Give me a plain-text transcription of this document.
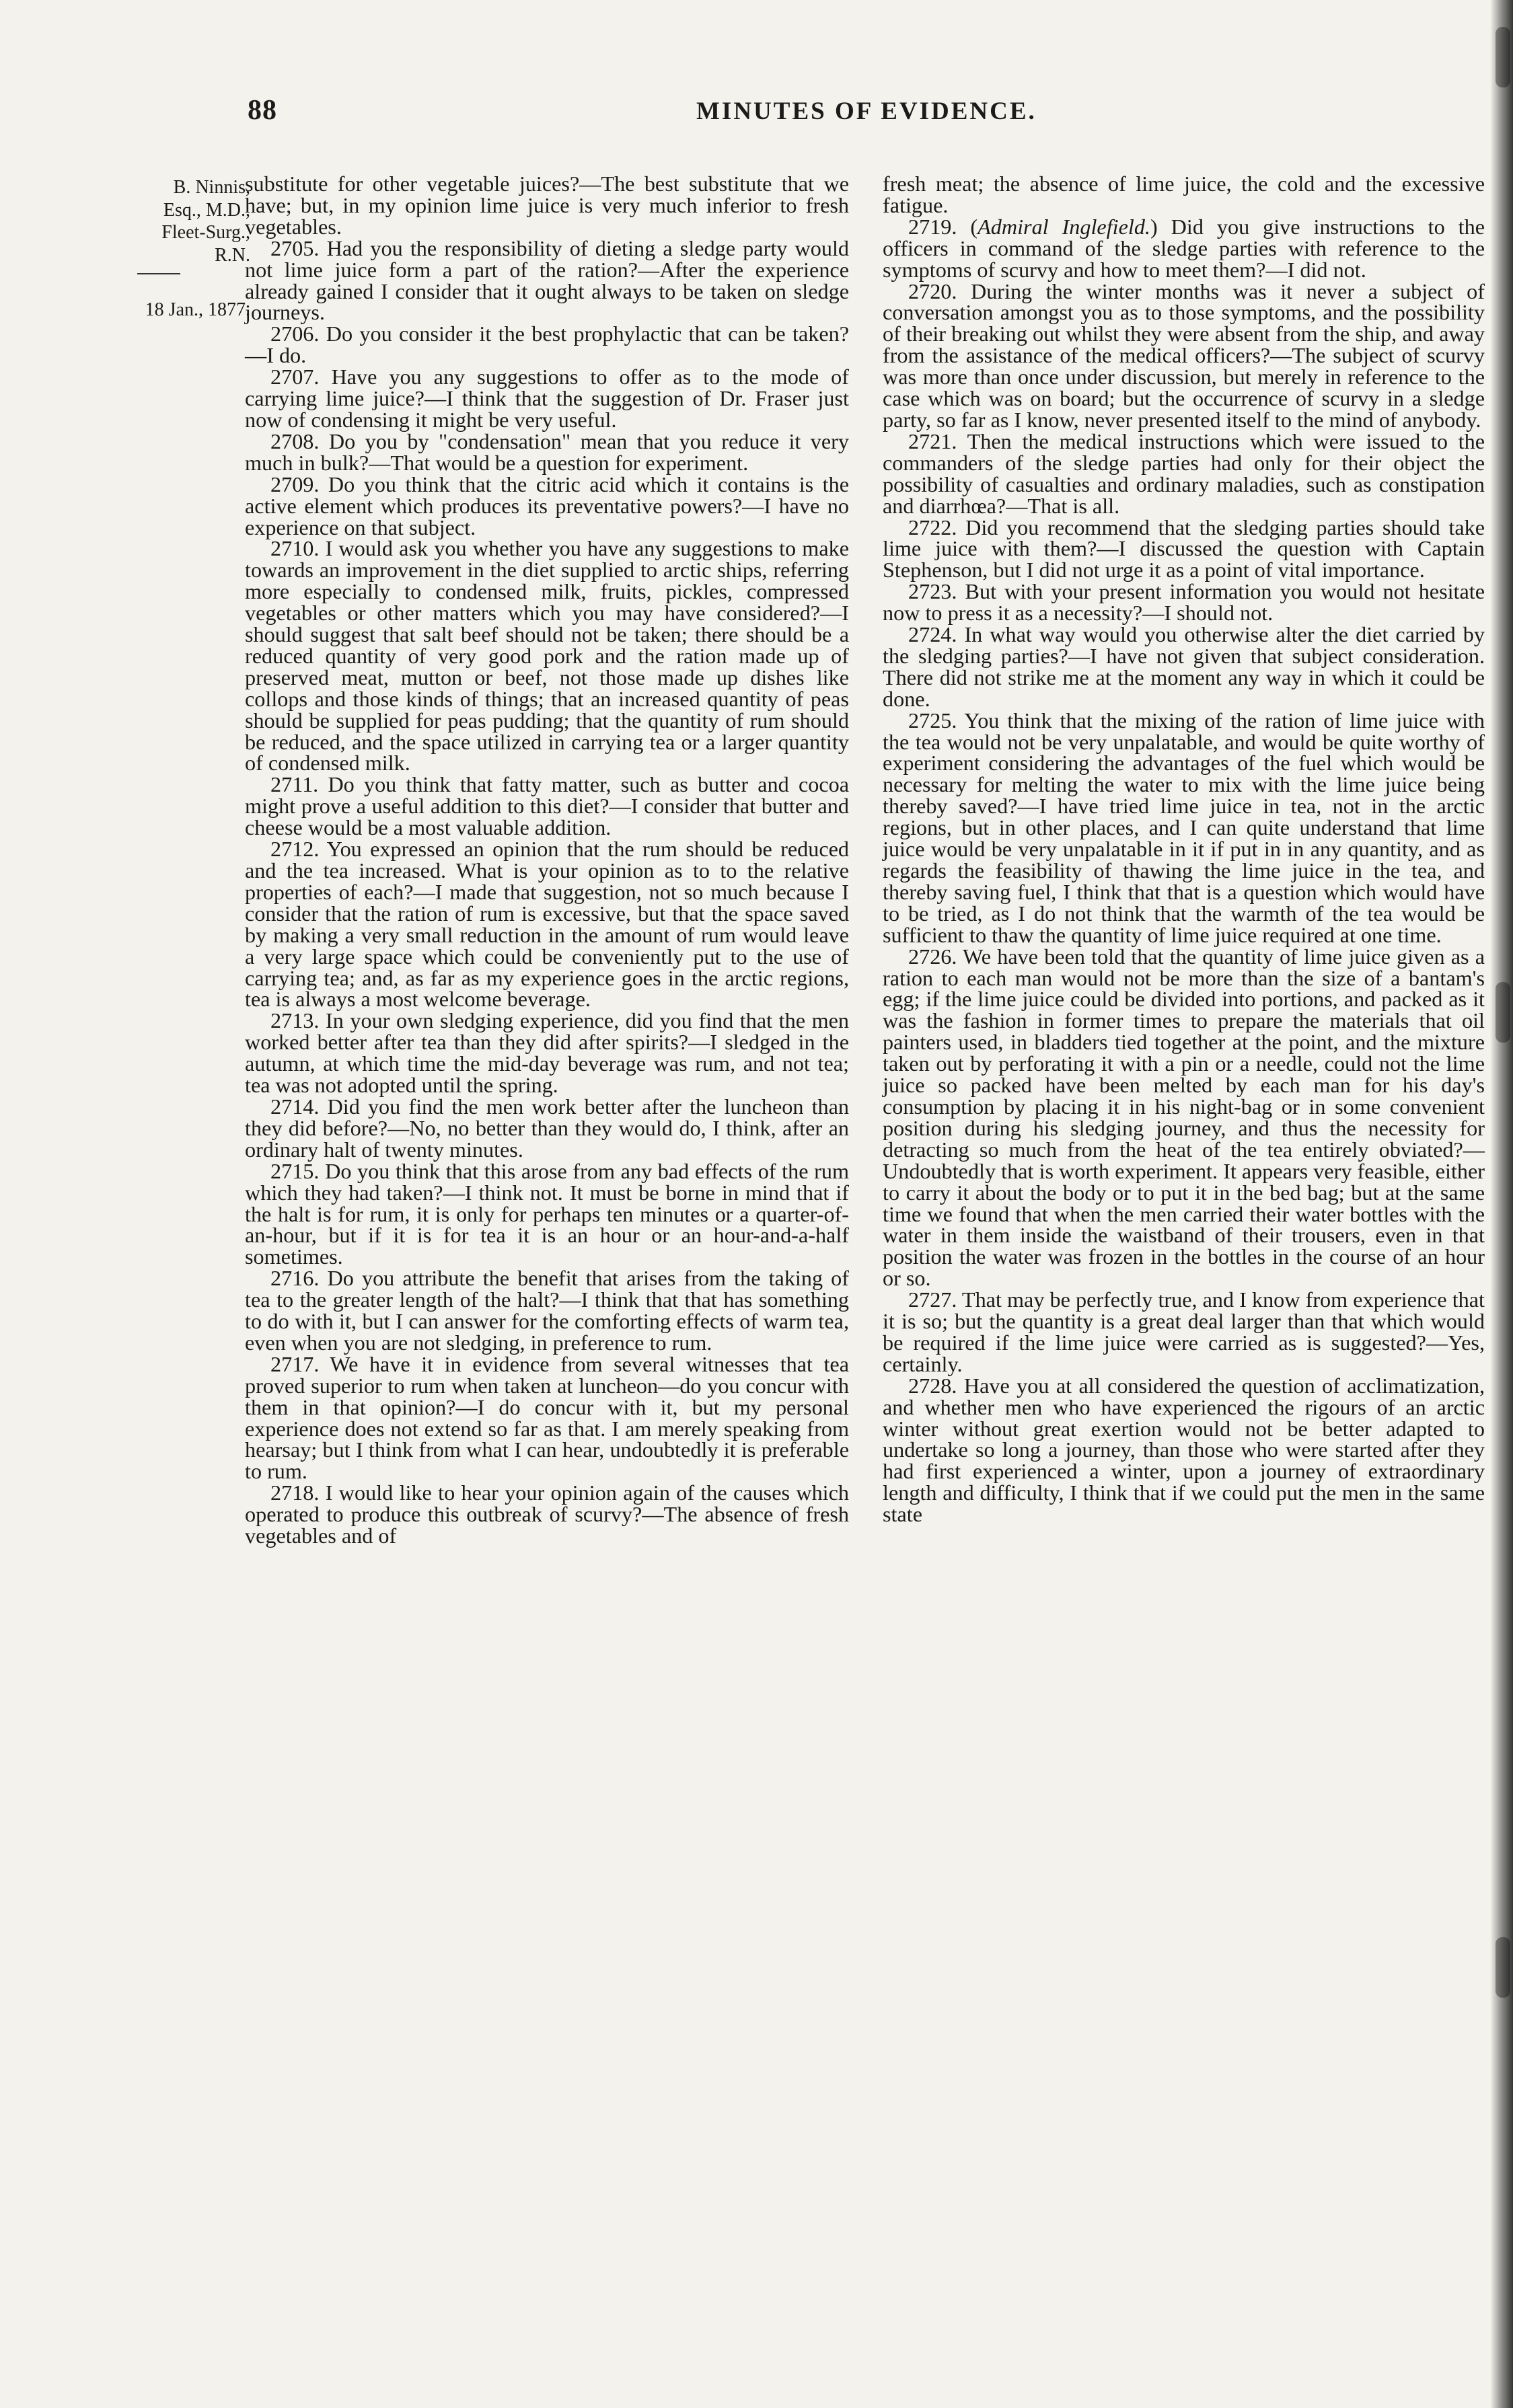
88	MINUTES OF EVIDENCE.
B. Ninnis,
Esq., M.D.,
Fleet-Surg.,
R.N.
18 Jan., 1877.

substitute for other vegetable juices?—The best substitute that we have; but, in my opinion lime juice is very much inferior to fresh vegetables.

2705. Had you the responsibility of dieting a sledge party would not lime juice form a part of the ration?—After the experience already gained I consider that it ought always to be taken on sledge journeys.

2706. Do you consider it the best prophylactic that can be taken?—I do.

2707. Have you any suggestions to offer as to the mode of carrying lime juice?—I think that the suggestion of Dr. Fraser just now of condensing it might be very useful.

2708. Do you by "condensation" mean that you reduce it very much in bulk?—That would be a question for experiment.

2709. Do you think that the citric acid which it contains is the active element which produces its preventative powers?—I have no experience on that subject.

2710. I would ask you whether you have any suggestions to make towards an improvement in the diet supplied to arctic ships, referring more especially to condensed milk, fruits, pickles, compressed vegetables or other matters which you may have considered?—I should suggest that salt beef should not be taken; there should be a reduced quantity of very good pork and the ration made up of preserved meat, mutton or beef, not those made up dishes like collops and those kinds of things; that an increased quantity of peas should be supplied for peas pudding; that the quantity of rum should be reduced, and the space utilized in carrying tea or a larger quantity of condensed milk.

2711. Do you think that fatty matter, such as butter and cocoa might prove a useful addition to this diet?—I consider that butter and cheese would be a most valuable addition.

2712. You expressed an opinion that the rum should be reduced and the tea increased. What is your opinion as to to the relative properties of each?—I made that suggestion, not so much because I consider that the ration of rum is excessive, but that the space saved by making a very small reduction in the amount of rum would leave a very large space which could be conveniently put to the use of carrying tea; and, as far as my experience goes in the arctic regions, tea is always a most welcome beverage.

2713. In your own sledging experience, did you find that the men worked better after tea than they did after spirits?—I sledged in the autumn, at which time the mid-day beverage was rum, and not tea; tea was not adopted until the spring.

2714. Did you find the men work better after the luncheon than they did before?—No, no better than they would do, I think, after an ordinary halt of twenty minutes.

2715. Do you think that this arose from any bad effects of the rum which they had taken?—I think not. It must be borne in mind that if the halt is for rum, it is only for perhaps ten minutes or a quarter-of-an-hour, but if it is for tea it is an hour or an hour-and-a-half sometimes.

2716. Do you attribute the benefit that arises from the taking of tea to the greater length of the halt?—I think that that has something to do with it, but I can answer for the comforting effects of warm tea, even when you are not sledging, in preference to rum.

2717. We have it in evidence from several witnesses that tea proved superior to rum when taken at luncheon—do you concur with them in that opinion?—I do concur with it, but my personal experience does not extend so far as that. I am merely speaking from hearsay; but I think from what I can hear, undoubtedly it is preferable to rum.

2718. I would like to hear your opinion again of the causes which operated to produce this outbreak of scurvy?—The absence of fresh vegetables and of

fresh meat; the absence of lime juice, the cold and the excessive fatigue.

2719. (Admiral Inglefield.) Did you give instructions to the officers in command of the sledge parties with reference to the symptoms of scurvy and how to meet them?—I did not.

2720. During the winter months was it never a subject of conversation amongst you as to those symptoms, and the possibility of their breaking out whilst they were absent from the ship, and away from the assistance of the medical officers?—The subject of scurvy was more than once under discussion, but merely in reference to the case which was on board; but the occurrence of scurvy in a sledge party, so far as I know, never presented itself to the mind of anybody.

2721. Then the medical instructions which were issued to the commanders of the sledge parties had only for their object the possibility of casualties and ordinary maladies, such as constipation and diarrhœa?—That is all.

2722. Did you recommend that the sledging parties should take lime juice with them?—I discussed the question with Captain Stephenson, but I did not urge it as a point of vital importance.

2723. But with your present information you would not hesitate now to press it as a necessity?—I should not.

2724. In what way would you otherwise alter the diet carried by the sledging parties?—I have not given that subject consideration. There did not strike me at the moment any way in which it could be done.

2725. You think that the mixing of the ration of lime juice with the tea would not be very unpalatable, and would be quite worthy of experiment considering the advantages of the fuel which would be necessary for melting the water to mix with the lime juice being thereby saved?—I have tried lime juice in tea, not in the arctic regions, but in other places, and I can quite understand that lime juice would be very unpalatable in it if put in in any quantity, and as regards the feasibility of thawing the lime juice in the tea, and thereby saving fuel, I think that that is a question which would have to be tried, as I do not think that the warmth of the tea would be sufficient to thaw the quantity of lime juice required at one time.

2726. We have been told that the quantity of lime juice given as a ration to each man would not be more than the size of a bantam's egg; if the lime juice could be divided into portions, and packed as it was the fashion in former times to prepare the materials that oil painters used, in bladders tied together at the point, and the mixture taken out by perforating it with a pin or a needle, could not the lime juice so packed have been melted by each man for his day's consumption by placing it in his night-bag or in some convenient position during his sledging journey, and thus the necessity for detracting so much from the heat of the tea entirely obviated?—Undoubtedly that is worth experiment. It appears very feasible, either to carry it about the body or to put it in the bed bag; but at the same time we found that when the men carried their water bottles with the water in them inside the waistband of their trousers, even in that position the water was frozen in the bottles in the course of an hour or so.

2727. That may be perfectly true, and I know from experience that it is so; but the quantity is a great deal larger than that which would be required if the lime juice were carried as is suggested?—Yes, certainly.

2728. Have you at all considered the question of acclimatization, and whether men who have experienced the rigours of an arctic winter without great exertion would not be better adapted to undertake so long a journey, than those who were started after they had first experienced a winter, upon a journey of extraordinary length and difficulty, I think that if we could put the men in the same state
